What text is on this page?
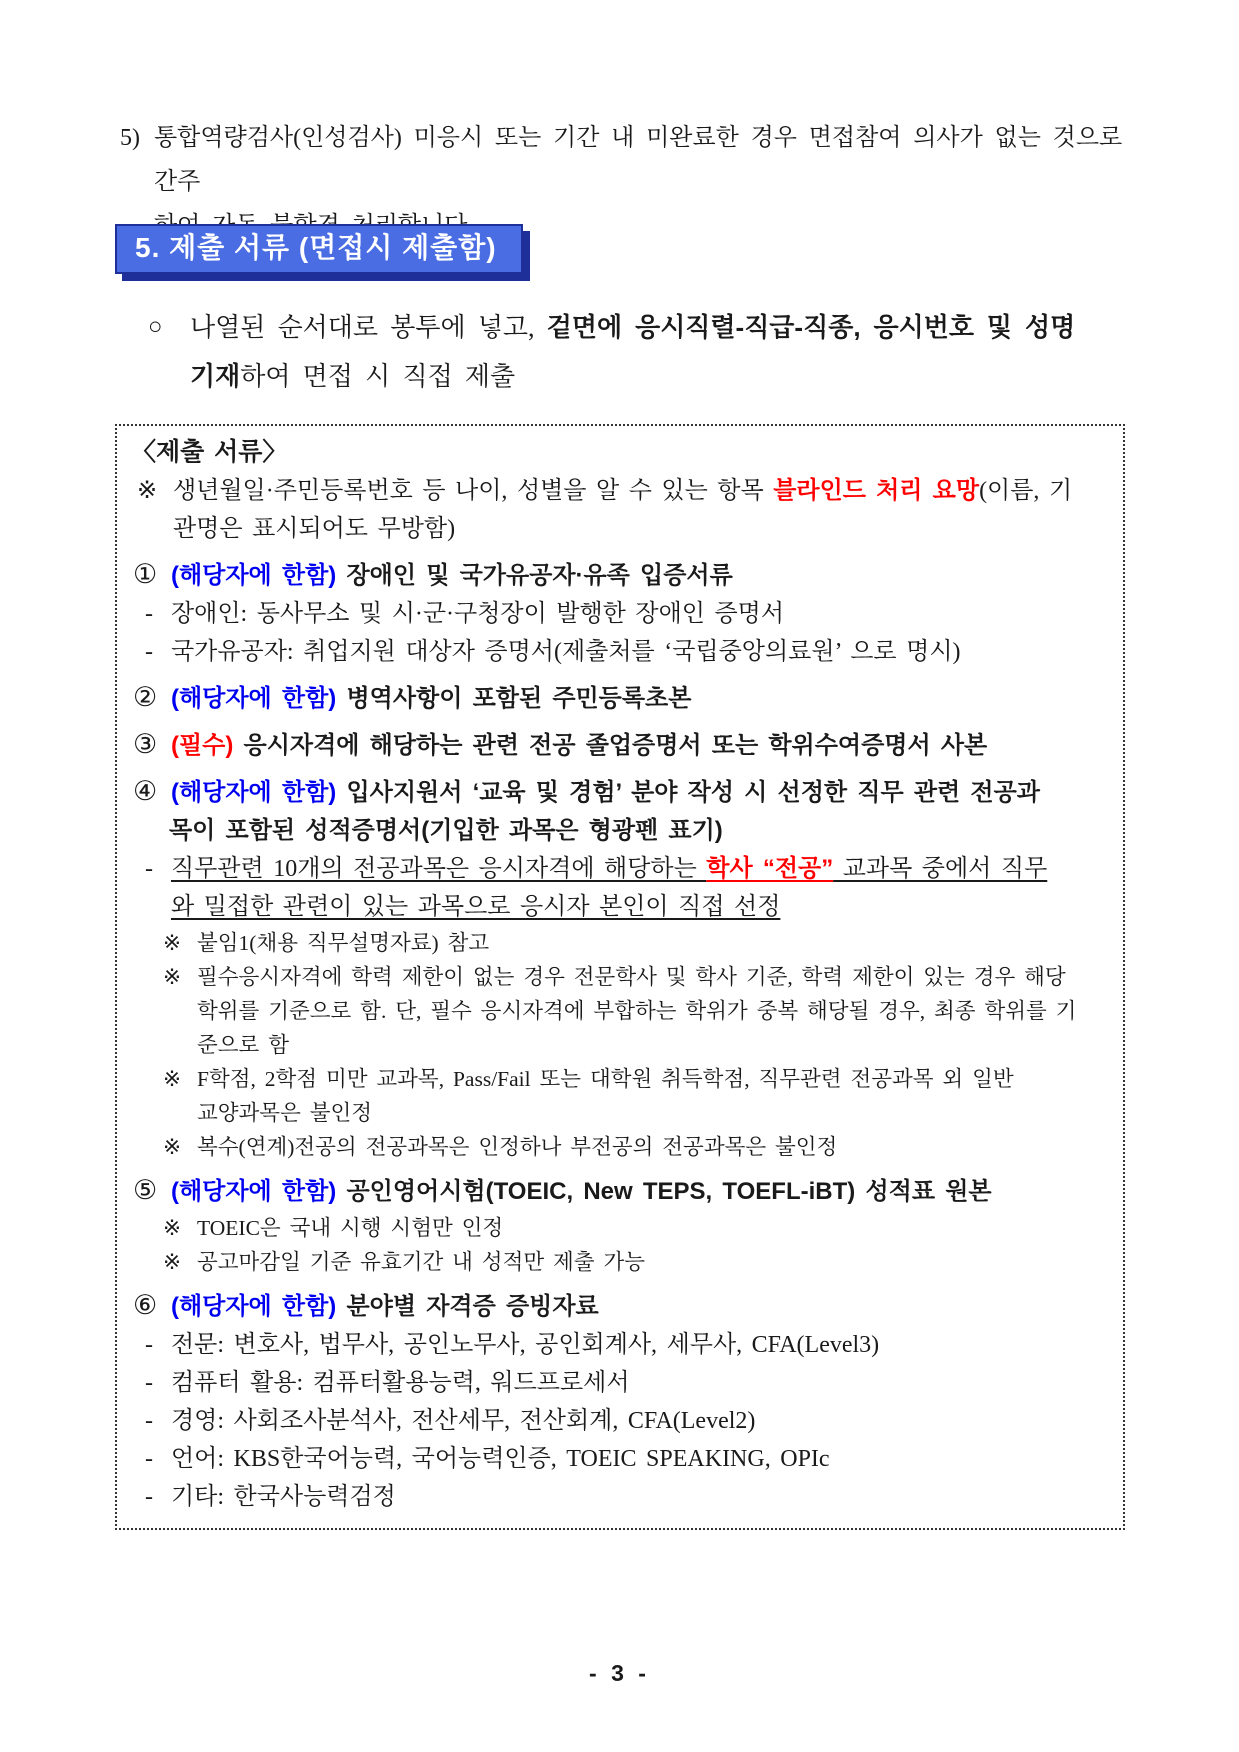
5) 통합역량검사(인성검사) 미응시 또는 기간 내 미완료한 경우 면접참여 의사가 없는 것으로 간주

5. 제출 서류 (면접시 제출함)
○	나열된 순서대로 봉투에 넣고, 겉면에 응시직렬-직급-직종, 응시번호 및 성명
기재하여 면접 시 직접 제출
〈제출 서류〉
※ 생년월일·주민등록번호 등 나이, 성별을 알 수 있는 항목 블라인드 처리 요망(이름, 기
관명은 표시되어도 무방함)
① (해당자에 한함) 장애인 및 국가유공자·유족 입증서류
- 장애인: 동사무소 및 시·군·구청장이 발행한 장애인 증명서
- 국가유공자: 취업지원 대상자 증명서(제출처를 ‘국립중앙의료원’ 으로 명시)
② (해당자에 한함) 병역사항이 포함된 주민등록초본
③ (필수) 응시자격에 해당하는 관련 전공 졸업증명서 또는 학위수여증명서 사본
④ (해당자에 한함) 입사지원서 ‘교육 및 경험’ 분야 작성 시 선정한 직무 관련 전공과
목이 포함된 성적증명서(기입한 과목은 형광펜 표기)
- 직무관련 10개의 전공과목은 응시자격에 해당하는 학사 “전공” 교과목 중에서 직무
와 밀접한 관련이 있는 과목으로 응시자 본인이 직접 선정
※ 붙임1(채용 직무설명자료) 참고
※ 필수응시자격에 학력 제한이 없는 경우 전문학사 및 학사 기준, 학력 제한이 있는 경우 해당
학위를 기준으로 함. 단, 필수 응시자격에 부합하는 학위가 중복 해당될 경우, 최종 학위를 기
준으로 함
※ F학점, 2학점 미만 교과목, Pass/Fail 또는 대학원 취득학점, 직무관련 전공과목 외 일반
교양과목은 불인정
※ 복수(연계)전공의 전공과목은 인정하나 부전공의 전공과목은 불인정
⑤ (해당자에 한함) 공인영어시험(TOEIC, New TEPS, TOEFL-iBT) 성적표 원본
※ TOEIC은 국내 시행 시험만 인정
※ 공고마감일 기준 유효기간 내 성적만 제출 가능
⑥ (해당자에 한함) 분야별 자격증 증빙자료
- 전문: 변호사, 법무사, 공인노무사, 공인회계사, 세무사, CFA(Level3)
- 컴퓨터 활용: 컴퓨터활용능력, 워드프로세서
- 경영: 사회조사분석사, 전산세무, 전산회계, CFA(Level2)
- 언어: KBS한국어능력, 국어능력인증, TOEIC SPEAKING, OPIc
- 기타: 한국사능력검정
- 3 -
